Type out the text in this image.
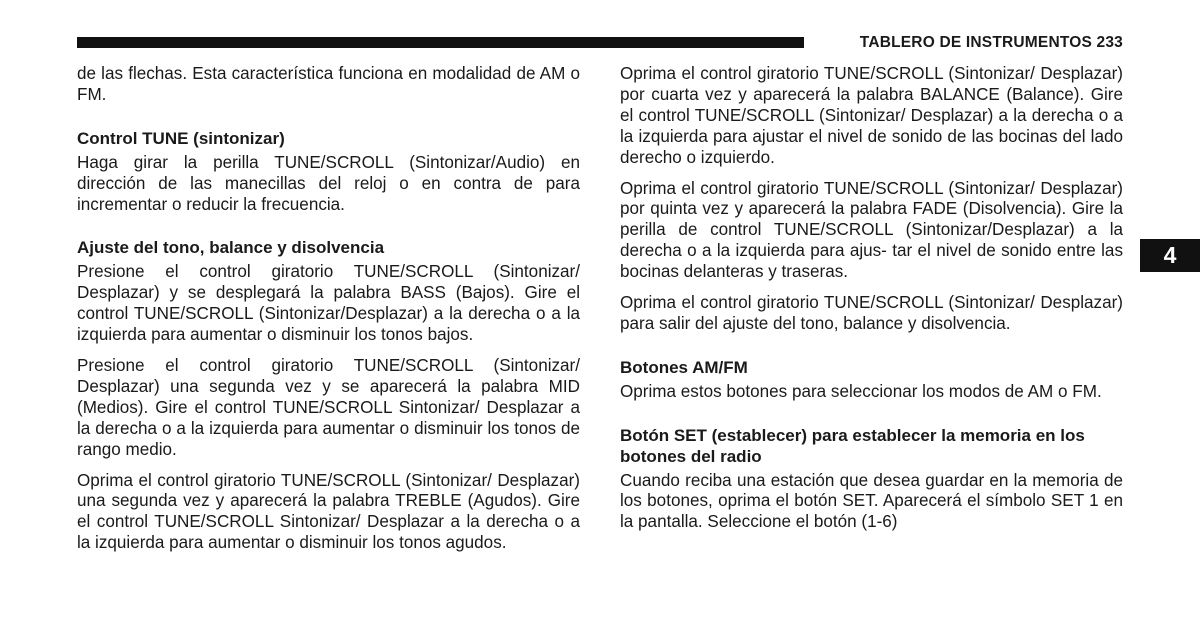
TABLERO DE INSTRUMENTOS 233

de las flechas. Esta característica funciona en modalidad de AM o FM.

Control TUNE (sintonizar)

Haga girar la perilla TUNE/SCROLL (Sintonizar/Audio) en dirección de las manecillas del reloj o en contra de para incrementar o reducir la frecuencia.

Ajuste del tono, balance y disolvencia

Presione el control giratorio TUNE/SCROLL (Sintonizar/ Desplazar) y se desplegará la palabra BASS (Bajos). Gire el control TUNE/SCROLL (Sintonizar/Desplazar) a la derecha o a la izquierda para aumentar o disminuir los tonos bajos.

Presione el control giratorio TUNE/SCROLL (Sintonizar/ Desplazar) una segunda vez y se aparecerá la palabra MID (Medios). Gire el control TUNE/SCROLL Sintonizar/ Desplazar a la derecha o a la izquierda para aumentar o disminuir los tonos de rango medio.

Oprima el control giratorio TUNE/SCROLL (Sintonizar/ Desplazar) una segunda vez y aparecerá la palabra TREBLE (Agudos). Gire el control TUNE/SCROLL Sintonizar/ Desplazar a la derecha o a la izquierda para aumentar o disminuir los tonos agudos.

Oprima el control giratorio TUNE/SCROLL (Sintonizar/ Desplazar) por cuarta vez y aparecerá la palabra BALANCE (Balance). Gire el control TUNE/SCROLL (Sintonizar/ Desplazar) a la derecha o a la izquierda para ajustar el nivel de sonido de las bocinas del lado derecho o izquierdo.

Oprima el control giratorio TUNE/SCROLL (Sintonizar/ Desplazar) por quinta vez y aparecerá la palabra FADE (Disolvencia). Gire la perilla de control TUNE/SCROLL (Sintonizar/Desplazar) a la derecha o a la izquierda para ajus- tar el nivel de sonido entre las bocinas delanteras y traseras.

Oprima el control giratorio TUNE/SCROLL (Sintonizar/ Desplazar) para salir del ajuste del tono, balance y disolvencia.

Botones AM/FM

Oprima estos botones para seleccionar los modos de AM o FM.

Botón SET (establecer) para establecer la memoria en los botones del radio

Cuando reciba una estación que desea guardar en la memoria de los botones, oprima el botón SET. Aparecerá el símbolo SET 1 en la pantalla. Seleccione el botón (1-6)

4
